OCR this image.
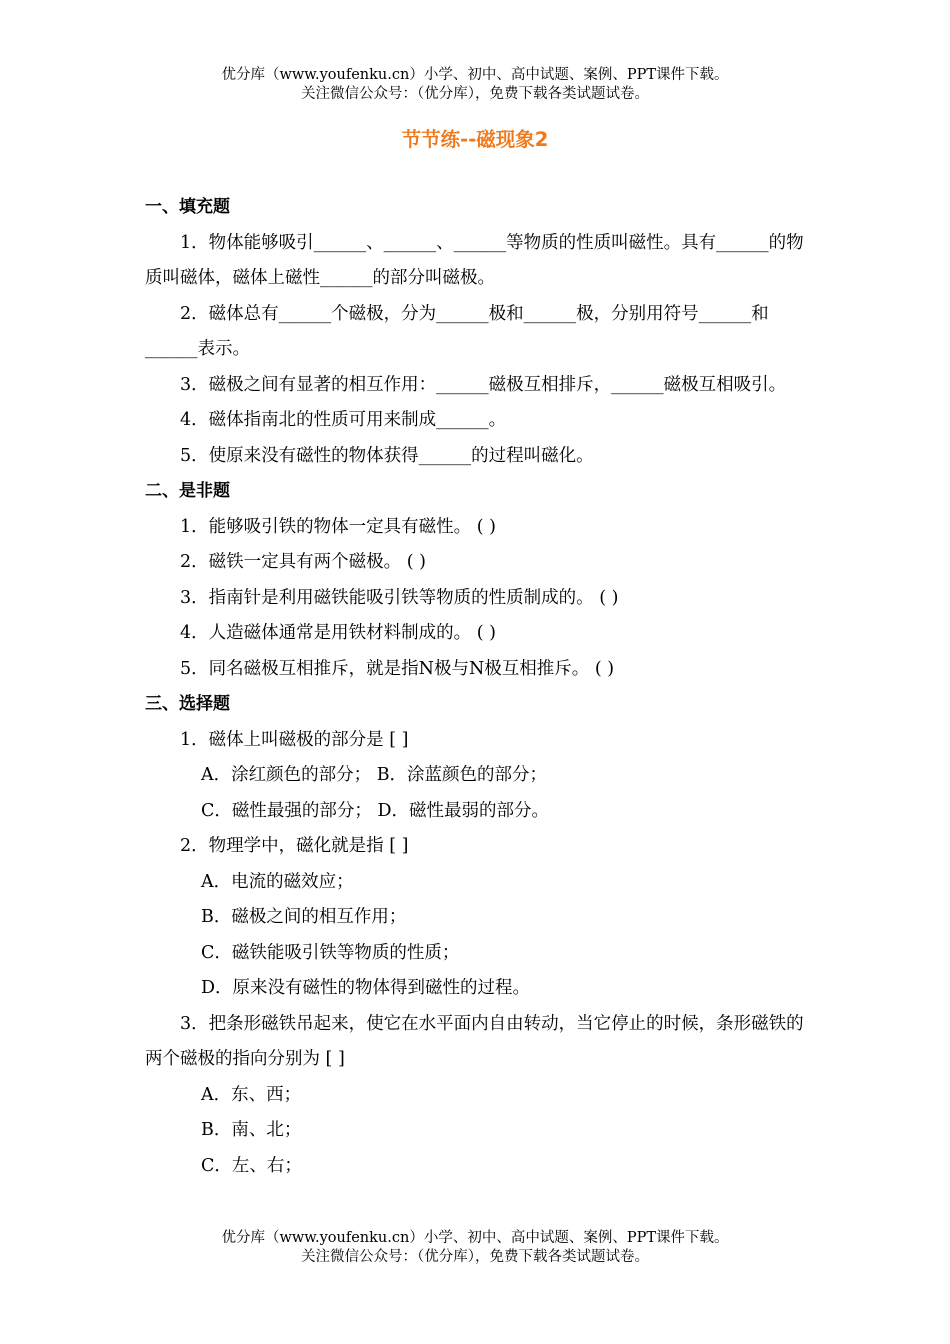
优分库（www.youfenku.cn）小学、初中、高中试题、案例、PPT课件下载。
关注微信公众号：（优分库），免费下载各类试题试卷。
节节练--磁现象2
一、填充题
1．物体能够吸引______、______、______等物质的性质叫磁性。具有______的物质叫磁体，磁体上磁性______的部分叫磁极。
2．磁体总有______个磁极，分为______极和______极，分别用符号______和______表示。
3．磁极之间有显著的相互作用：______磁极互相排斥，______磁极互相吸引。
4．磁体指南北的性质可用来制成______。
5．使原来没有磁性的物体获得______的过程叫磁化。
二、是非题
1．能够吸引铁的物体一定具有磁性。 ( )
2．磁铁一定具有两个磁极。 ( )
3．指南针是利用磁铁能吸引铁等物质的性质制成的。 ( )
4．人造磁体通常是用铁材料制成的。 ( )
5．同名磁极互相推斥，就是指N极与N极互相推斥。 ( )
三、选择题
1．磁体上叫磁极的部分是 [ ]
A．涂红颜色的部分； B．涂蓝颜色的部分；
C．磁性最强的部分； D．磁性最弱的部分。
2．物理学中，磁化就是指 [ ]
A．电流的磁效应；
B．磁极之间的相互作用；
C．磁铁能吸引铁等物质的性质；
D．原来没有磁性的物体得到磁性的过程。
3．把条形磁铁吊起来，使它在水平面内自由转动，当它停止的时候，条形磁铁的两个磁极的指向分别为 [ ]
A．东、西；
B．南、北；
C．左、右；
优分库（www.youfenku.cn）小学、初中、高中试题、案例、PPT课件下载。
关注微信公众号：（优分库），免费下载各类试题试卷。
